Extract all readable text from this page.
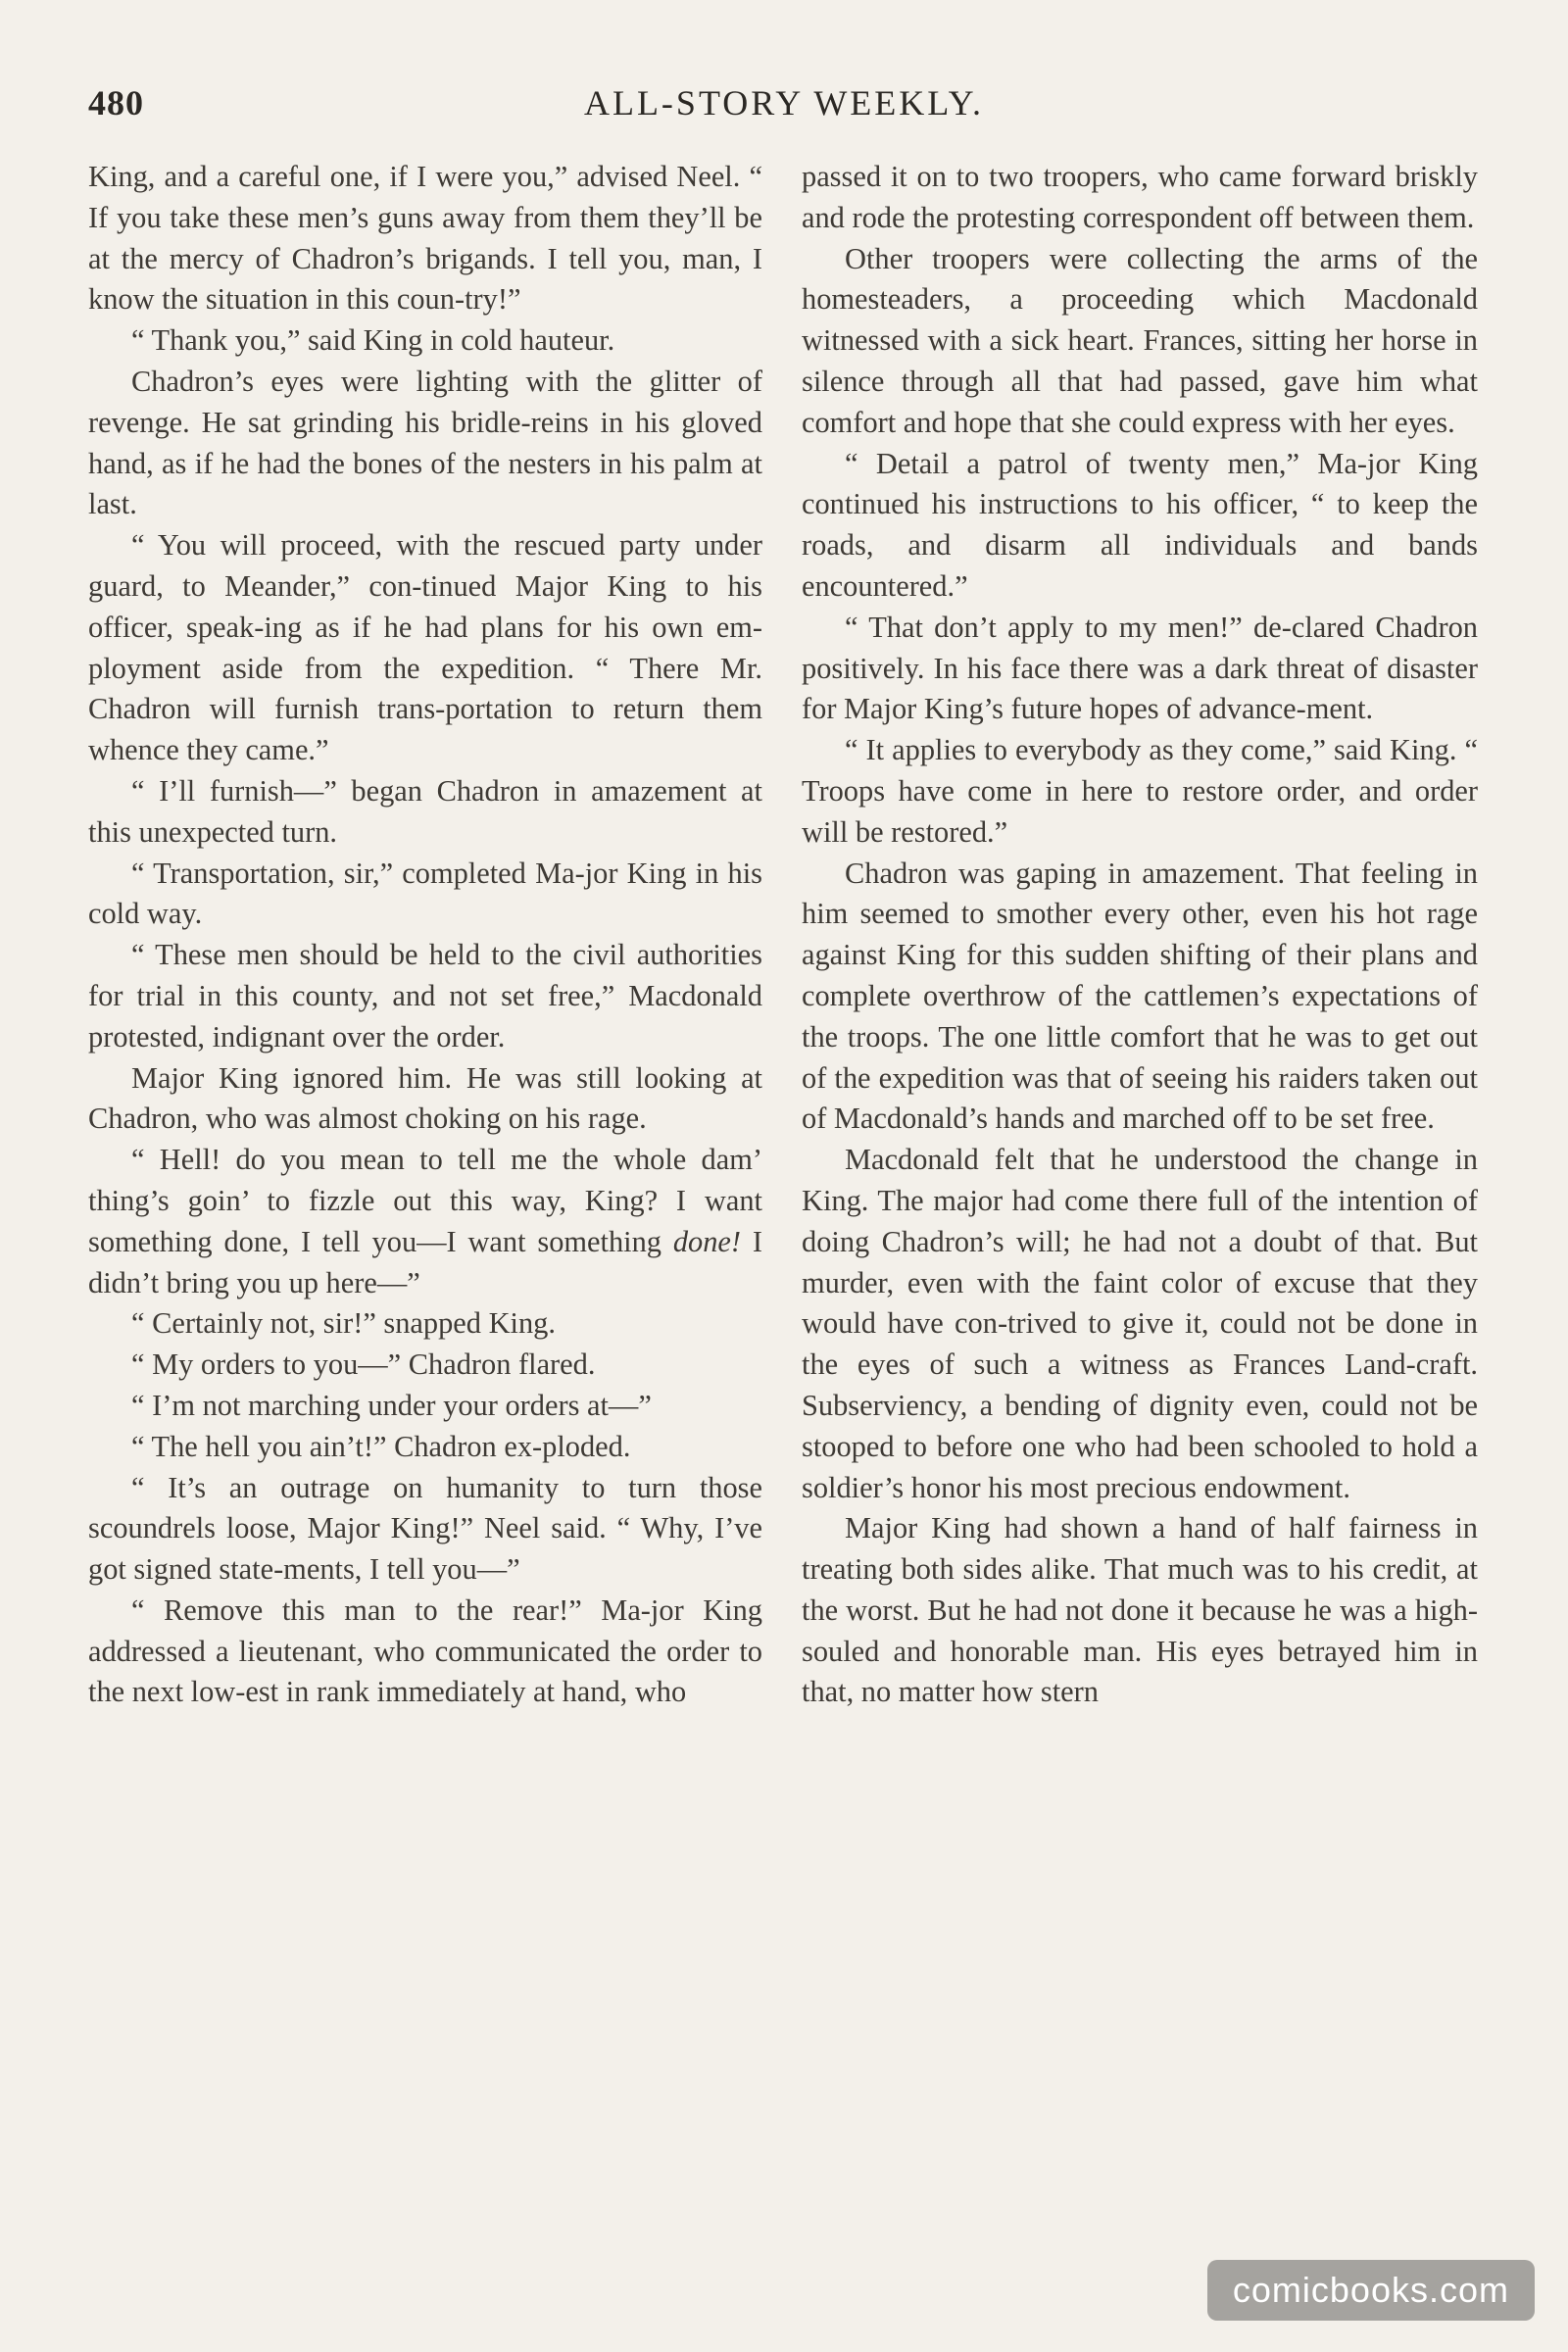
480	ALL-STORY WEEKLY.

King, and a careful one, if I were you,” advised Neel. “ If you take these men’s guns away from them they’ll be at the mercy of Chadron’s brigands. I tell you, man, I know the situation in this coun-try!”

“ Thank you,” said King in cold hauteur.

Chadron’s eyes were lighting with the glitter of revenge. He sat grinding his bridle-reins in his gloved hand, as if he had the bones of the nesters in his palm at last.

“ You will proceed, with the rescued party under guard, to Meander,” con-tinued Major King to his officer, speak-ing as if he had plans for his own em-ployment aside from the expedition. “ There Mr. Chadron will furnish trans-portation to return them whence they came.”

“ I’ll furnish—” began Chadron in amazement at this unexpected turn.

“ Transportation, sir,” completed Ma-jor King in his cold way.

“ These men should be held to the civil authorities for trial in this county, and not set free,” Macdonald protested, indignant over the order.

Major King ignored him. He was still looking at Chadron, who was almost choking on his rage.

“ Hell! do you mean to tell me the whole dam’ thing’s goin’ to fizzle out this way, King? I want something done, I tell you—I want something done! I didn’t bring you up here—”

“ Certainly not, sir!” snapped King.

“ My orders to you—” Chadron flared.

“ I’m not marching under your orders at—”

“ The hell you ain’t!” Chadron ex-ploded.

“ It’s an outrage on humanity to turn those scoundrels loose, Major King!” Neel said. “ Why, I’ve got signed state-ments, I tell you—”

“ Remove this man to the rear!” Ma-jor King addressed a lieutenant, who communicated the order to the next low-est in rank immediately at hand, who

passed it on to two troopers, who came forward briskly and rode the protesting correspondent off between them.

Other troopers were collecting the arms of the homesteaders, a proceeding which Macdonald witnessed with a sick heart. Frances, sitting her horse in silence through all that had passed, gave him what comfort and hope that she could express with her eyes.

“ Detail a patrol of twenty men,” Ma-jor King continued his instructions to his officer, “ to keep the roads, and disarm all individuals and bands encountered.”

“ That don’t apply to my men!” de-clared Chadron positively. In his face there was a dark threat of disaster for Major King’s future hopes of advance-ment.

“ It applies to everybody as they come,” said King. “ Troops have come in here to restore order, and order will be restored.”

Chadron was gaping in amazement. That feeling in him seemed to smother every other, even his hot rage against King for this sudden shifting of their plans and complete overthrow of the cattlemen’s expectations of the troops. The one little comfort that he was to get out of the expedition was that of seeing his raiders taken out of Macdonald’s hands and marched off to be set free.

Macdonald felt that he understood the change in King. The major had come there full of the intention of doing Chadron’s will; he had not a doubt of that. But murder, even with the faint color of excuse that they would have con-trived to give it, could not be done in the eyes of such a witness as Frances Land-craft. Subserviency, a bending of dignity even, could not be stooped to before one who had been schooled to hold a soldier’s honor his most precious endowment.

Major King had shown a hand of half fairness in treating both sides alike. That much was to his credit, at the worst. But he had not done it because he was a high-souled and honorable man. His eyes betrayed him in that, no matter how stern

comicbooks.com
